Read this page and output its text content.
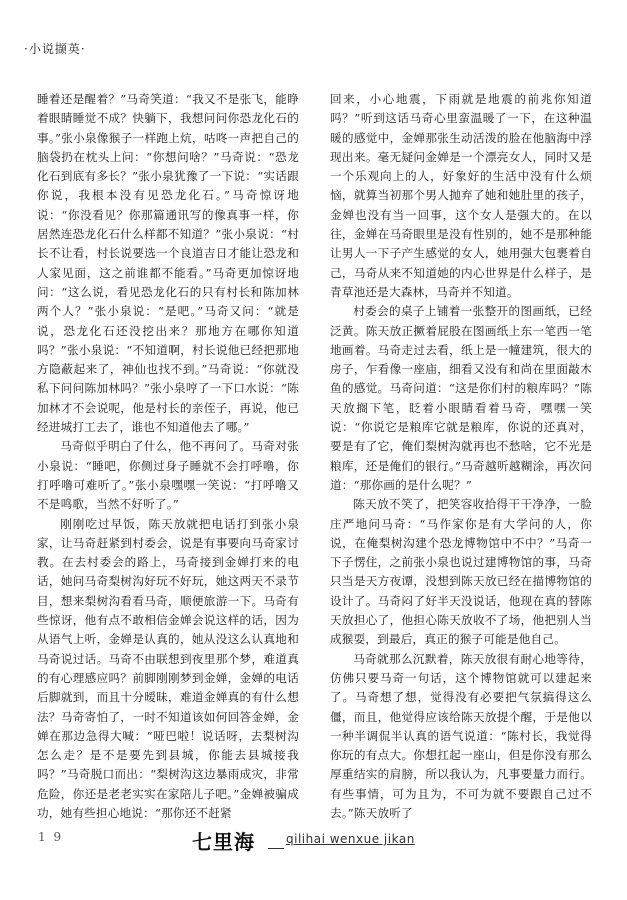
·小说撷英·

睡着还是醒着？”马奇笑道：“我又不是张飞，能睁着眼睛睡觉不成？快躺下，我想问问你恐龙化石的事。”张小泉像猴子一样跑上炕，咕咚一声把自己的脑袋扔在枕头上问：“你想问啥？”马奇说：“恐龙化石到底有多长？”张小泉犹豫了一下说：“实话跟你说，我根本没有见恐龙化石。”马奇惊讶地说：“你没看见？你那篇通讯写的像真事一样，你居然连恐龙化石什么样都不知道？”张小泉说：“村长不让看，村长说要选一个良道吉日才能让恐龙和人家见面，这之前谁都不能看。”马奇更加惊讶地问：“这么说，看见恐龙化石的只有村长和陈加林两个人？”张小泉说：“是吧。”马奇又问：“就是说，恐龙化石还没挖出来？那地方在哪你知道吗？”张小泉说：“不知道啊，村长说他已经把那地方隐蔽起来了，神仙也找不到。”马奇说：“你就没私下问问陈加林吗？”张小泉哼了一下口水说：“陈加林才不会说呢，他是村长的亲侄子，再说，他已经进城打工去了，谁也不知道他去了哪。”

马奇似乎明白了什么，他不再问了。马奇对张小泉说：“睡吧，你侧过身子睡就不会打呼噜，你打呼噜可难听了。”张小泉嘿嘿一笑说：“打呼噜又不是鸣歌，当然不好听了。”

刚刚吃过早饭，陈天放就把电话打到张小泉家，让马奇赶紧到村委会，说是有事要向马奇家讨教。在去村委会的路上，马奇接到金婵打来的电话，她问马奇梨树沟好玩不好玩，她这两天不录节目，想来梨树沟看看马奇，顺便旅游一下。马奇有些惊讶，他有点不敢相信金婵会说这样的话，因为从语气上听，金婵是认真的，她从没这么认真地和马奇说过话。马奇不由联想到夜里那个梦，难道真的有心理感应吗？前脚刚刚梦到金婵，金婵的电话后脚就到，而且十分暧昧，难道金婵真的有什么想法？马奇寄怕了，一时不知道该如何回答金婵，金婵在那边急得大喊：“哑巴啦！说话呀，去梨树沟怎么走？是不是要先到县城，你能去县城接我吗？”马奇脱口而出：“梨树沟这边暴雨成灾，非常危险，你还是老老实实在家陪儿子吧。”金婵被骗成功，她有些担心地说：“那你还不赶紧

回来，小心地震，下雨就是地震的前兆你知道吗？”听到这话马奇心里蛮温暖了一下，在这种温暖的感觉中，金婵那张生动活泼的脸在他脑海中浮现出来。毫无疑问金婵是一个漂亮女人，同时又是一个乐观向上的人，好象好的生活中没有什么烦恼，就算当初那个男人抛弃了她和她肚里的孩子，金婵也没有当一回事，这个女人是强大的。在以往，金婵在马奇眼里是没有性别的，她不是那种能让男人一下子产生感觉的女人，她用强大包裹着自己，马奇从来不知道她的内心世界是什么样子，是青草池还是大森林，马奇并不知道。

村委会的桌子上铺着一张整开的图画纸，已经泛黄。陈天放正撅着屁股在图画纸上东一笔西一笔地画着。马奇走过去看，纸上是一幢建筑，很大的房子，乍看像一座庙，细看又没有和尚在里面敲木鱼的感觉。马奇问道：“这是你们村的粮库吗？”陈天放搁下笔，眨着小眼睛看着马奇，嘿嘿一笑说：“你说它是粮库它就是粮库，你说的还真对，要是有了它，俺们梨树沟就再也不愁啥，它不光是粮库，还是俺们的银行。”马奇越听越糊涂，再次问道：“那你画的是什么呢？”

陈天放不笑了，把笑容收拾得干干净净，一脸庄严地问马奇：“马作家你是有大学问的人，你说，在俺梨树沟建个恐龙博物馆中不中？”马奇一下子愣住，之前张小泉也说过建博物馆的事，马奇只当是天方夜谭，没想到陈天放已经在描博物馆的设计了。马奇闷了好半天没说话，他现在真的替陈天放担心了，他担心陈天放收不了场，他把别人当成猴耍，到最后，真正的猴子可能是他自己。

马奇就那么沉默着，陈天放很有耐心地等待，仿佛只要马奇一句话，这个博物馆就可以建起来了。马奇想了想，觉得没有必要把气氛搞得这么僵，而且，他觉得应该给陈天放提个醒，于是他以一种半调侃半认真的语气说道：“陈村长，我觉得你玩的有点大。你想扛起一座山，但是你没有那么厚重结实的肩膀，所以我认为，凡事要量力而行。有些事情，可为且为，不可为就不要跟自己过不去。”陈天放听了

1 9	七里海	qilihai wenxue jikan
